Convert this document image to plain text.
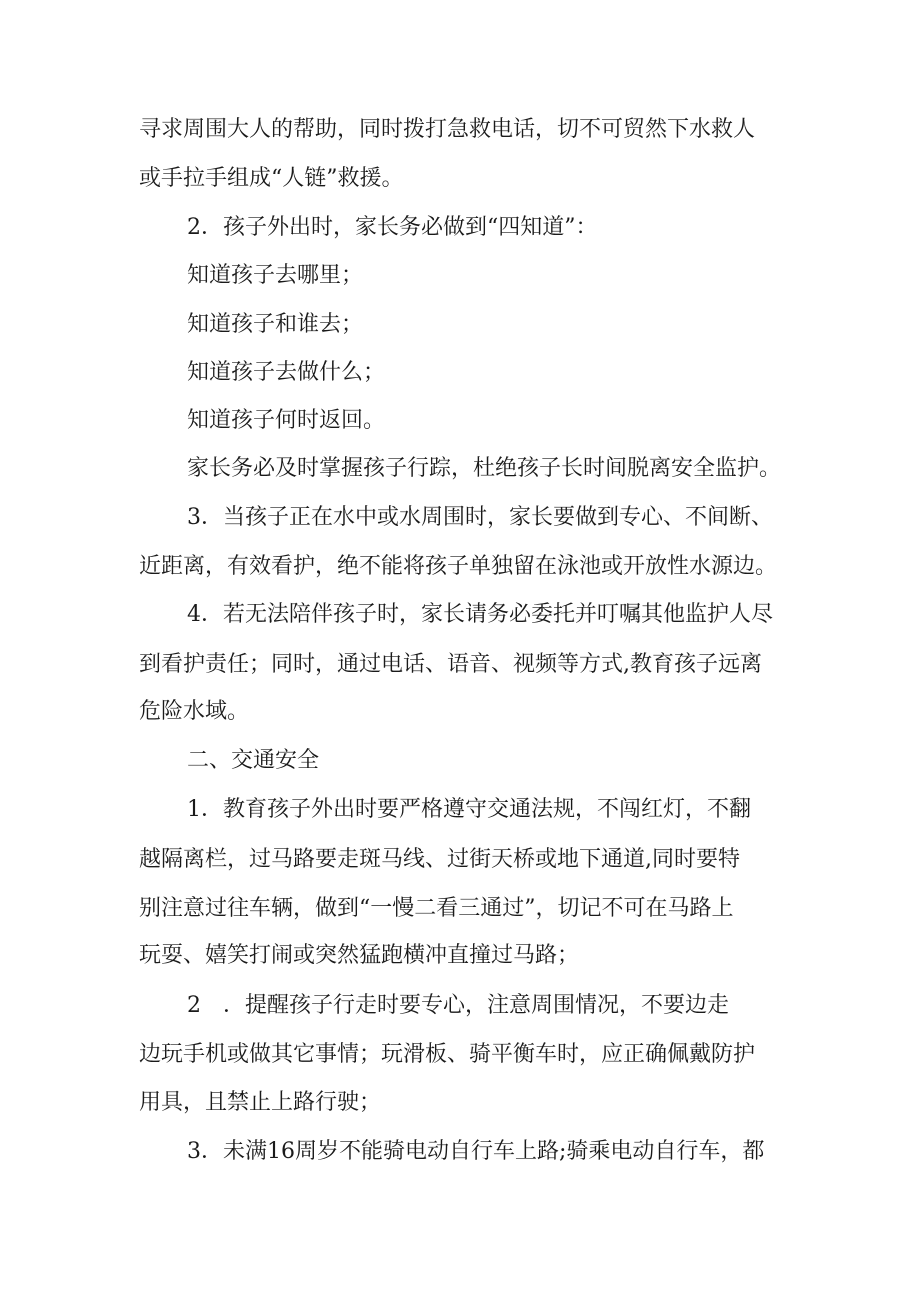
寻求周围大人的帮助，同时拨打急救电话，切不可贸然下水救人

或手拉手组成“人链”救援。

2．孩子外出时，家长务必做到“四知道”：

知道孩子去哪里；

知道孩子和谁去；

知道孩子去做什么；

知道孩子何时返回。

家长务必及时掌握孩子行踪，杜绝孩子长时间脱离安全监护。

3．当孩子正在水中或水周围时，家长要做到专心、不间断、

近距离，有效看护，绝不能将孩子单独留在泳池或开放性水源边。

4．若无法陪伴孩子时，家长请务必委托并叮嘱其他监护人尽

到看护责任；同时，通过电话、语音、视频等方式,教育孩子远离

危险水域。

二、交通安全

1．教育孩子外出时要严格遵守交通法规，不闯红灯，不翻

越隔离栏，过马路要走斑马线、过街天桥或地下通道,同时要特

别注意过往车辆，做到“一慢二看三通过”，切记不可在马路上

玩耍、嬉笑打闹或突然猛跑横冲直撞过马路；

2　．提醒孩子行走时要专心，注意周围情况，不要边走

边玩手机或做其它事情；玩滑板、骑平衡车时，应正确佩戴防护

用具，且禁止上路行驶；

3．未满16周岁不能骑电动自行车上路;骑乘电动自行车，都
